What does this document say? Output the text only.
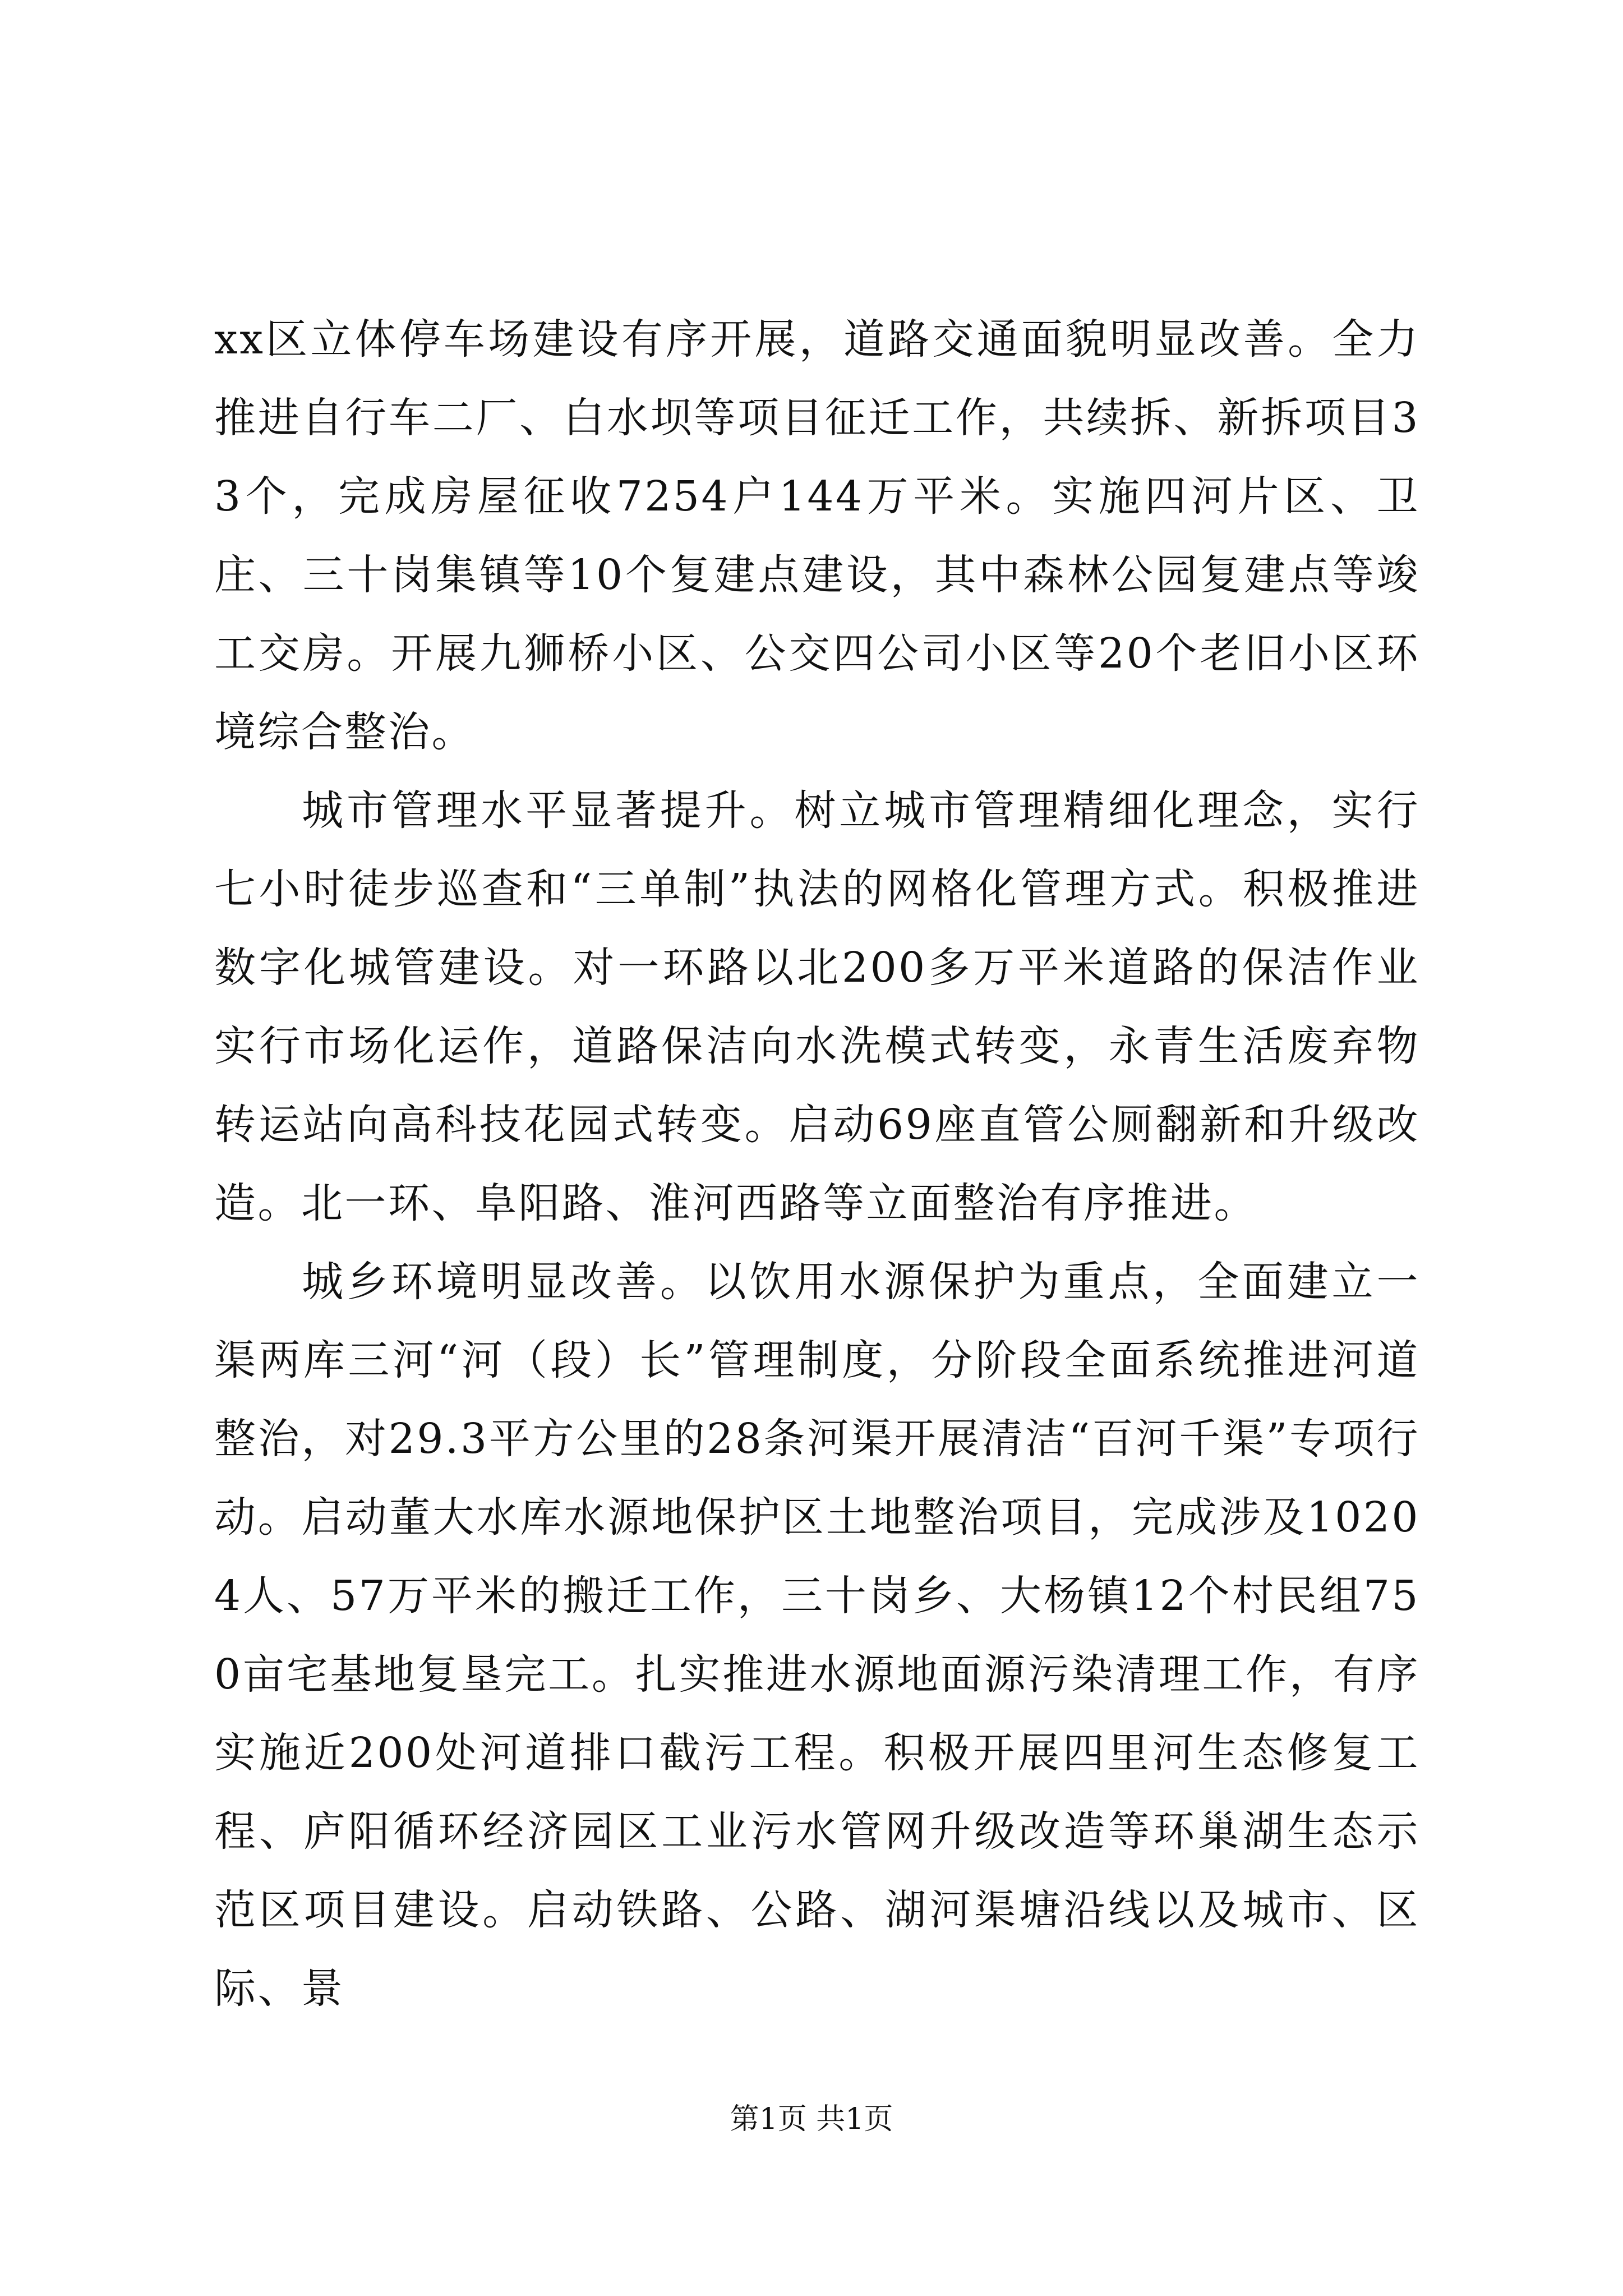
xx区立体停车场建设有序开展，道路交通面貌明显改善。全力推进自行车二厂、白水坝等项目征迁工作，共续拆、新拆项目33个，完成房屋征收7254户144万平米。实施四河片区、卫庄、三十岗集镇等10个复建点建设，其中森林公园复建点等竣工交房。开展九狮桥小区、公交四公司小区等20个老旧小区环境综合整治。

城市管理水平显著提升。树立城市管理精细化理念，实行七小时徒步巡查和“三单制”执法的网格化管理方式。积极推进数字化城管建设。对一环路以北200多万平米道路的保洁作业实行市场化运作，道路保洁向水洗模式转变，永青生活废弃物转运站向高科技花园式转变。启动69座直管公厕翻新和升级改造。北一环、阜阳路、淮河西路等立面整治有序推进。

城乡环境明显改善。以饮用水源保护为重点，全面建立一渠两库三河“河（段）长”管理制度，分阶段全面系统推进河道整治，对29.3平方公里的28条河渠开展清洁“百河千渠”专项行动。启动董大水库水源地保护区土地整治项目，完成涉及10204人、57万平米的搬迁工作，三十岗乡、大杨镇12个村民组750亩宅基地复垦完工。扎实推进水源地面源污染清理工作，有序实施近200处河道排口截污工程。积极开展四里河生态修复工程、庐阳循环经济园区工业污水管网升级改造等环巢湖生态示范区项目建设。启动铁路、公路、湖河渠塘沿线以及城市、区际、景

第1页 共1页
